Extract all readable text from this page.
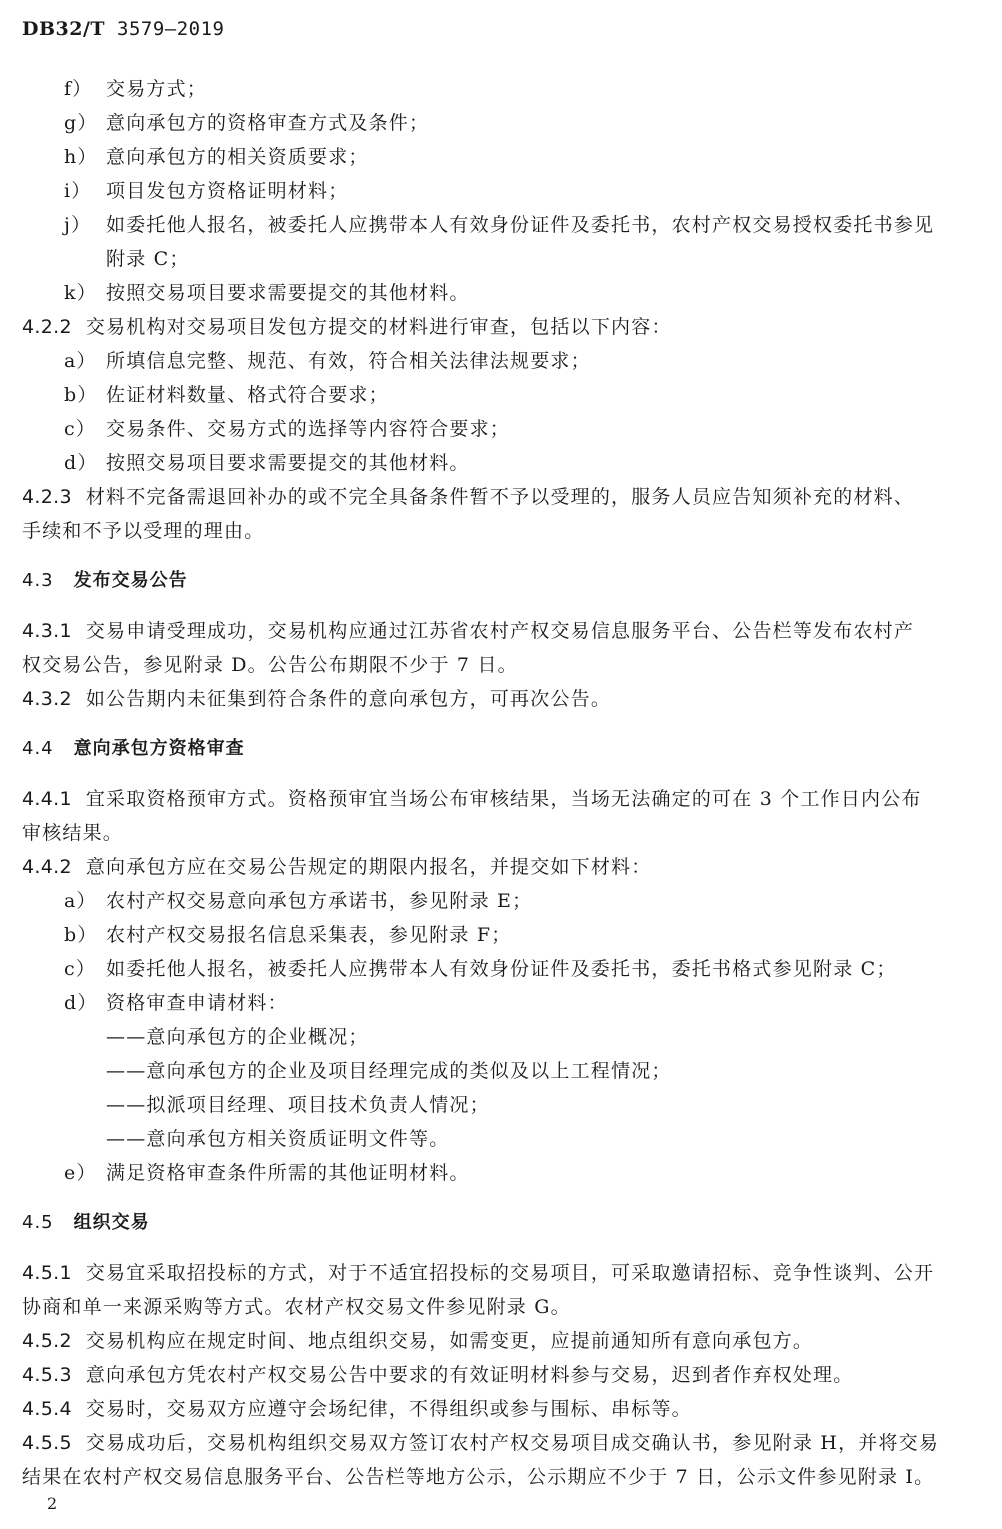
DB32/T 3579—2019
f） 交易方式；
g） 意向承包方的资格审查方式及条件；
h） 意向承包方的相关资质要求；
i） 项目发包方资格证明材料；
j） 如委托他人报名，被委托人应携带本人有效身份证件及委托书，农村产权交易授权委托书参见
附录 C；
k） 按照交易项目要求需要提交的其他材料。
4.2.2 交易机构对交易项目发包方提交的材料进行审查，包括以下内容：
a） 所填信息完整、规范、有效，符合相关法律法规要求；
b） 佐证材料数量、格式符合要求；
c） 交易条件、交易方式的选择等内容符合要求；
d） 按照交易项目要求需要提交的其他材料。
4.2.3 材料不完备需退回补办的或不完全具备条件暂不予以受理的，服务人员应告知须补充的材料、
手续和不予以受理的理由。
4.3.1 交易申请受理成功，交易机构应通过江苏省农村产权交易信息服务平台、公告栏等发布农村产
权交易公告，参见附录 D。公告公布期限不少于 7 日。
4.3.2 如公告期内未征集到符合条件的意向承包方，可再次公告。
4.4.1 宜采取资格预审方式。资格预审宜当场公布审核结果，当场无法确定的可在 3 个工作日内公布
审核结果。
4.4.2 意向承包方应在交易公告规定的期限内报名，并提交如下材料：
a） 农村产权交易意向承包方承诺书，参见附录 E；
b） 农村产权交易报名信息采集表，参见附录 F；
c） 如委托他人报名，被委托人应携带本人有效身份证件及委托书，委托书格式参见附录 C；
d） 资格审查申请材料：
——意向承包方的企业概况；
——意向承包方的企业及项目经理完成的类似及以上工程情况；
——拟派项目经理、项目技术负责人情况；
——意向承包方相关资质证明文件等。
e） 满足资格审查条件所需的其他证明材料。
4.5.1 交易宜采取招投标的方式，对于不适宜招投标的交易项目，可采取邀请招标、竞争性谈判、公开
协商和单一来源采购等方式。农材产权交易文件参见附录 G。
4.5.2 交易机构应在规定时间、地点组织交易，如需变更，应提前通知所有意向承包方。
4.5.3 意向承包方凭农村产权交易公告中要求的有效证明材料参与交易，迟到者作弃权处理。
4.5.4 交易时，交易双方应遵守会场纪律，不得组织或参与围标、串标等。
4.5.5 交易成功后，交易机构组织交易双方签订农村产权交易项目成交确认书，参见附录 H，并将交易
结果在农村产权交易信息服务平台、公告栏等地方公示，公示期应不少于 7 日，公示文件参见附录 I。
4.3 发布交易公告
4.4 意向承包方资格审查
4.5 组织交易
2
